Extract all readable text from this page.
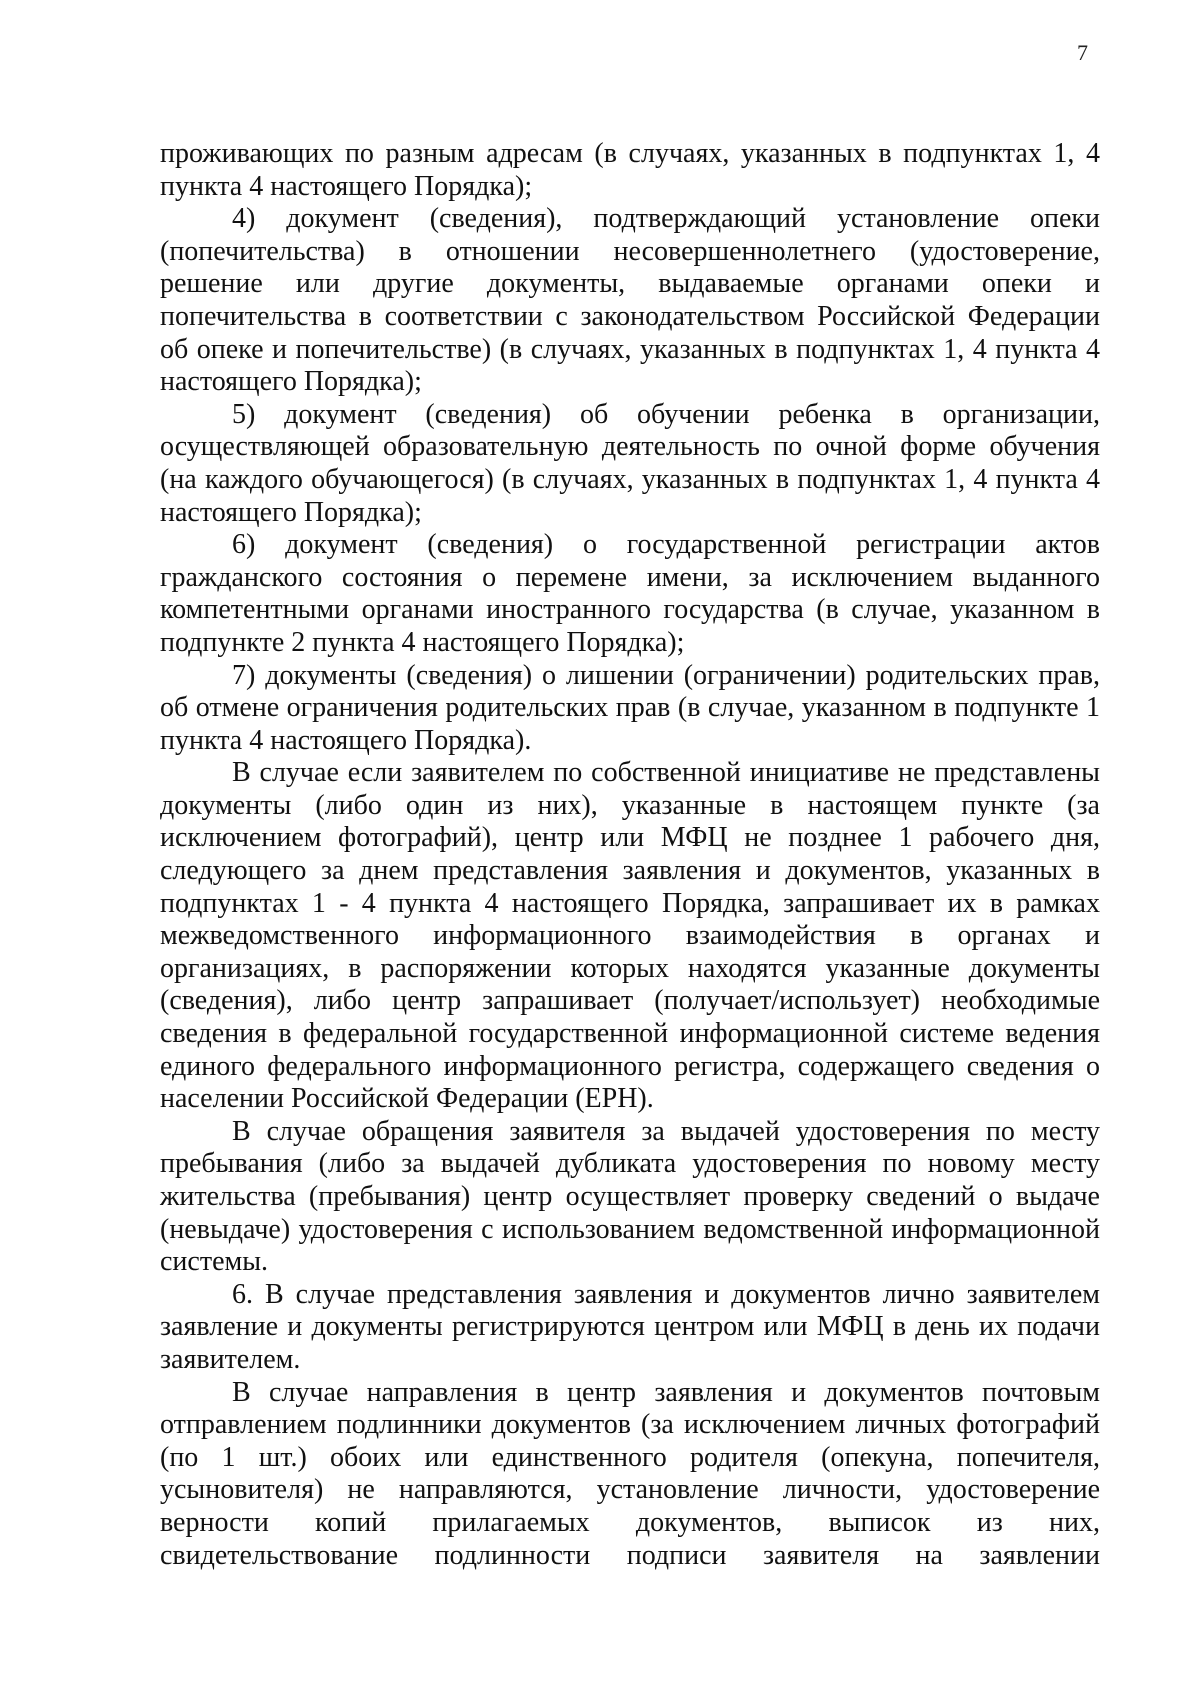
7

проживающих по разным адресам (в случаях, указанных в подпунктах 1, 4 пункта 4 настоящего Порядка);

4) документ (сведения), подтверждающий установление опеки (попечительства) в отношении несовершеннолетнего (удостоверение, решение или другие документы, выдаваемые органами опеки и попечительства в соответствии с законодательством Российской Федерации об опеке и попечительстве) (в случаях, указанных в подпунктах 1, 4 пункта 4 настоящего Порядка);

5) документ (сведения) об обучении ребенка в организации, осуществляющей образовательную деятельность по очной форме обучения (на каждого обучающегося) (в случаях, указанных в подпунктах 1, 4 пункта 4 настоящего Порядка);

6) документ (сведения) о государственной регистрации актов гражданского состояния о перемене имени, за исключением выданного компетентными органами иностранного государства (в случае, указанном в подпункте 2 пункта 4 настоящего Порядка);

7) документы (сведения) о лишении (ограничении) родительских прав, об отмене ограничения родительских прав (в случае, указанном в подпункте 1 пункта 4 настоящего Порядка).

В случае если заявителем по собственной инициативе не представлены документы (либо один из них), указанные в настоящем пункте (за исключением фотографий), центр или МФЦ не позднее 1 рабочего дня, следующего за днем представления заявления и документов, указанных в подпунктах 1 - 4 пункта 4 настоящего Порядка, запрашивает их в рамках межведомственного информационного взаимодействия в органах и организациях, в распоряжении которых находятся указанные документы (сведения), либо центр запрашивает (получает/использует) необходимые сведения в федеральной государственной информационной системе ведения единого федерального информационного регистра, содержащего сведения о населении Российской Федерации (ЕРН).

В случае обращения заявителя за выдачей удостоверения по месту пребывания (либо за выдачей дубликата удостоверения по новому месту жительства (пребывания) центр осуществляет проверку сведений о выдаче (невыдаче) удостоверения с использованием ведомственной информационной системы.

6. В случае представления заявления и документов лично заявителем заявление и документы регистрируются центром или МФЦ в день их подачи заявителем.

В случае направления в центр заявления и документов почтовым отправлением подлинники документов (за исключением личных фотографий (по 1 шт.) обоих или единственного родителя (опекуна, попечителя, усыновителя) не направляются, установление личности, удостоверение верности копий прилагаемых документов, выписок из них, свидетельствование подлинности подписи заявителя на заявлении
